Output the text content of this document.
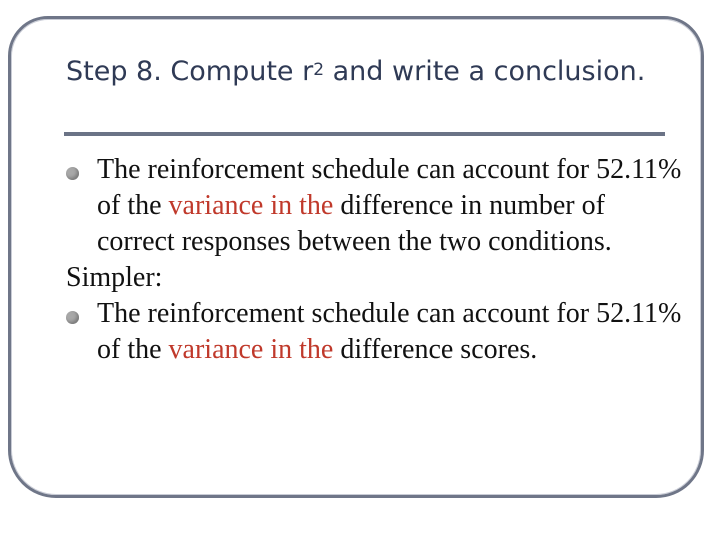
Step 8. Compute $r^2$ and write a conclusion.

The reinforcement schedule can account for 52.11% of the variance in the difference in number of correct responses between the two conditions.

Simpler:

The reinforcement schedule can account for 52.11% of the variance in the difference scores.
